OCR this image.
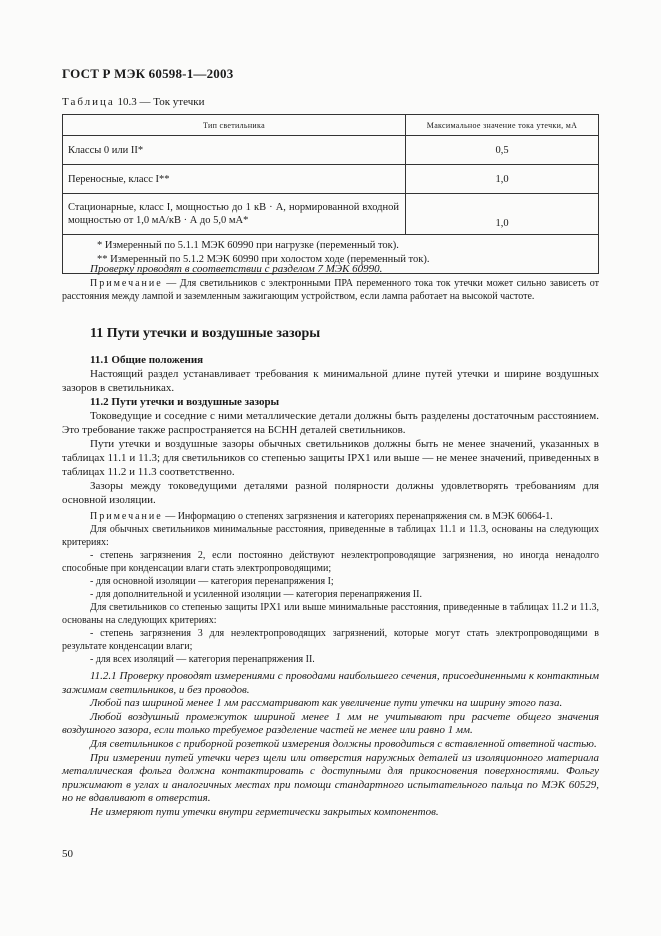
ГОСТ Р МЭК 60598-1—2003
Таблица 10.3 — Ток утечки
Тип светильника	Максимальное значение тока утечки, мА
Классы 0 или II*	0,5
Переносные, класс I**	1,0
Стационарные, класс I, мощностью до 1 кВ · А, нормированной входной мощностью от 1,0 мА/кВ · А до 5,0 мА*	1,0

* Измеренный по 5.1.1 МЭК 60990 при нагрузке (переменный ток).
** Измеренный по 5.1.2 МЭК 60990 при холостом ходе (переменный ток).	
Проверку проводят в соответствии с разделом 7 МЭК 60990.
Примечание — Для светильников с электронными ПРА переменного тока ток утечки может сильно зависеть от расстояния между лампой и заземленным зажигающим устройством, если лампа работает на высокой частоте.
11 Пути утечки и воздушные зазоры
11.1 Общие положения
Настоящий раздел устанавливает требования к минимальной длине путей утечки и ширине воздушных зазоров в светильниках.
11.2 Пути утечки и воздушные зазоры
Токоведущие и соседние с ними металлические детали должны быть разделены достаточным расстоянием. Это требование также распространяется на БСНН деталей светильников.
Пути утечки и воздушные зазоры обычных светильников должны быть не менее значений, указанных в таблицах 11.1 и 11.3; для светильников со степенью защиты IPX1 или выше — не менее значений, приведенных в таблицах 11.2 и 11.3 соответственно.
Зазоры между токоведущими деталями разной полярности должны удовлетворять требованиям для основной изоляции.
Примечание — Информацию о степенях загрязнения и категориях перенапряжения см. в МЭК 60664-1.
Для обычных светильников минимальные расстояния, приведенные в таблицах 11.1 и 11.3, основаны на следующих критериях:
- степень загрязнения 2, если постоянно действуют неэлектропроводящие загрязнения, но иногда ненадолго способные при конденсации влаги стать электропроводящими;
- для основной изоляции — категория перенапряжения I;
- для дополнительной и усиленной изоляции — категория перенапряжения II.
Для светильников со степенью защиты IPX1 или выше минимальные расстояния, приведенные в таблицах 11.2 и 11.3, основаны на следующих критериях:
- степень загрязнения 3 для неэлектропроводящих загрязнений, которые могут стать электропроводящими в результате конденсации влаги;
- для всех изоляций — категория перенапряжения II.
11.2.1 Проверку проводят измерениями с проводами наибольшего сечения, присоединенными к контактным зажимам светильников, и без проводов.
Любой паз шириной менее 1 мм рассматривают как увеличение пути утечки на ширину этого паза.
Любой воздушный промежуток шириной менее 1 мм не учитывают при расчете общего значения воздушного зазора, если только требуемое разделение частей не менее или равно 1 мм.
Для светильников с приборной розеткой измерения должны проводиться с вставленной ответной частью.
При измерении путей утечки через щели или отверстия наружных деталей из изоляционного материала металлическая фольга должна контактировать с доступными для прикосновения поверхностями. Фольгу прижимают в углах и аналогичных местах при помощи стандартного испытательного пальца по МЭК 60529, но не вдавливают в отверстия.
Не измеряют пути утечки внутри герметически закрытых компонентов.
50
